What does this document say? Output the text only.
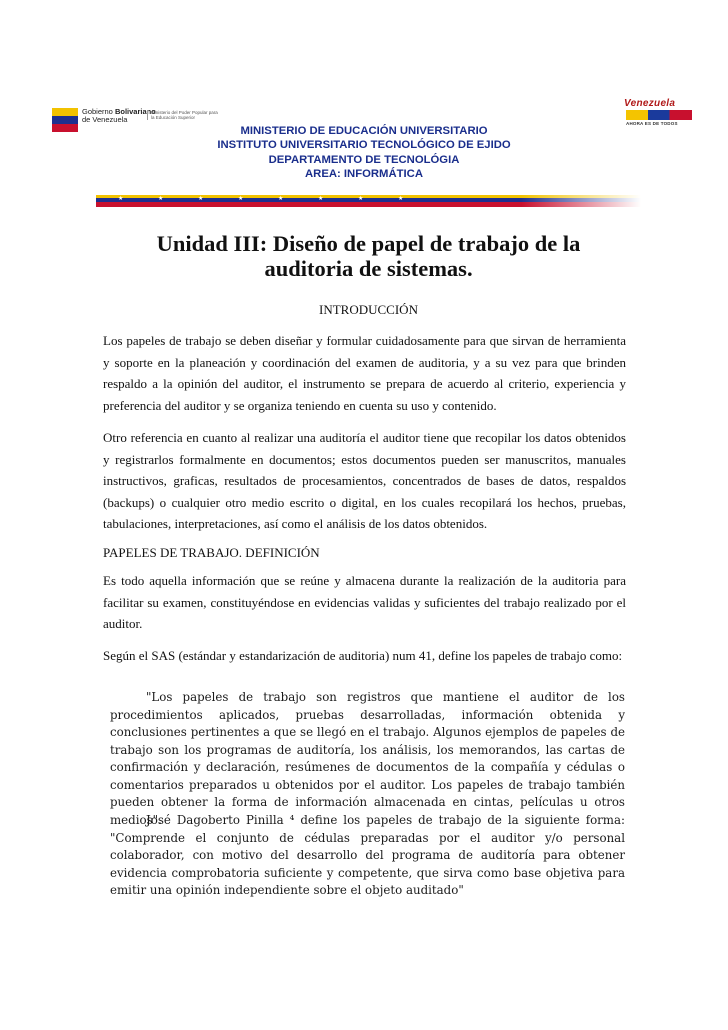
Gobierno Bolivariano
de Venezuela
Ministerio del Poder Popular para la Educación Superior
Venezuela
AHORA ES DE TODOS
MINISTERIO DE EDUCACIÓN UNIVERSITARIO
INSTITUTO UNIVERSITARIO TECNOLÓGICO DE EJIDO
DEPARTAMENTO DE TECNOLÓGIA
AREA: INFORMÁTICA
★	★	★	★	★	★	★	★
Unidad III: Diseño de papel de trabajo de la
auditoria de sistemas.
INTRODUCCIÓN
Los papeles de trabajo se deben diseñar y formular cuidadosamente para que sirvan de herramienta y soporte en la planeación y coordinación del examen de auditoria, y a su vez para que brinden respaldo a la opinión del auditor, el instrumento se prepara de acuerdo al criterio, experiencia y preferencia del auditor y se organiza teniendo en cuenta su uso y contenido.
Otro referencia en cuanto al realizar una auditoría el auditor tiene que recopilar los datos obtenidos y registrarlos formalmente en documentos; estos documentos pueden ser manuscritos, manuales instructivos, graficas, resultados de procesamientos, concentrados de bases de datos, respaldos (backups) o cualquier otro medio escrito o digital, en los cuales recopilará los hechos, pruebas, tabulaciones, interpretaciones, así como el análisis de los datos obtenidos.
PAPELES DE TRABAJO. DEFINICIÓN
Es todo aquella información que se reúne y almacena durante la realización de la auditoria para facilitar su examen, constituyéndose en evidencias validas y suficientes del trabajo realizado por el auditor.
Según el SAS (estándar y estandarización de auditoria) num 41, define los papeles de trabajo como:
"Los papeles de trabajo son registros que mantiene el auditor de los procedimientos aplicados, pruebas desarrolladas, información obtenida y conclusiones pertinentes a que se llegó en el trabajo. Algunos ejemplos de papeles de trabajo son los programas de auditoría, los análisis, los memorandos, las cartas de confirmación y declaración, resúmenes de documentos de la compañía y cédulas o comentarios preparados u obtenidos por el auditor. Los papeles de trabajo también pueden obtener la forma de información almacenada en cintas, películas u otros medios".
José Dagoberto Pinilla ⁴ define los papeles de trabajo de la siguiente forma: "Comprende el conjunto de cédulas preparadas por el auditor y/o personal colaborador, con motivo del desarrollo del programa de auditoría para obtener evidencia comprobatoria suficiente y competente, que sirva como base objetiva para emitir una opinión independiente sobre el objeto auditado"
